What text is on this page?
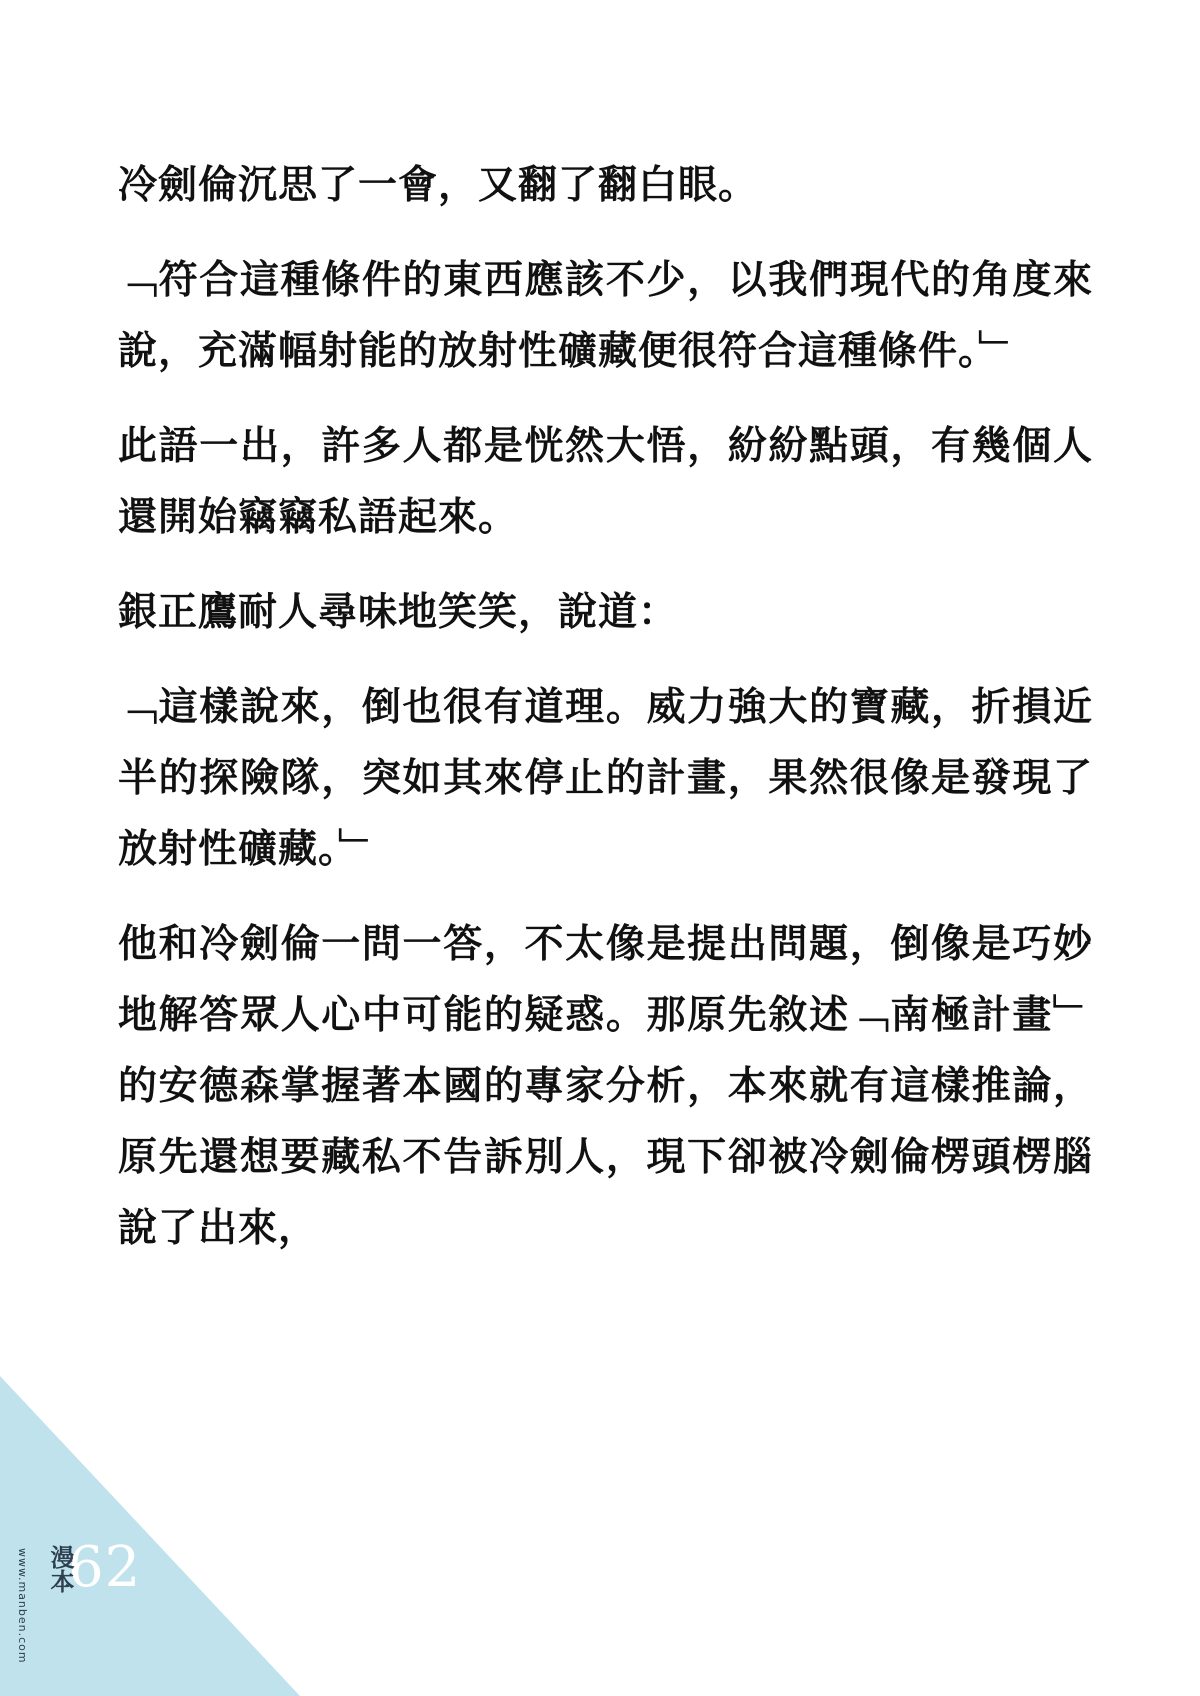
冷劍倫沉思了一會，又翻了翻白眼。

﹁符合這種條件的東西應該不少，以我們現代的角度來說，充滿幅射能的放射性礦藏便很符合這種條件。﹂

此語一出，許多人都是恍然大悟，紛紛點頭，有幾個人還開始竊竊私語起來。

銀正鷹耐人尋味地笑笑，說道：

﹁這樣說來，倒也很有道理。威力強大的寶藏，折損近半的探險隊，突如其來停止的計畫，果然很像是發現了放射性礦藏。﹂

他和冷劍倫一問一答，不太像是提出問題，倒像是巧妙地解答眾人心中可能的疑惑。那原先敘述﹁南極計畫﹂的安德森掌握著本國的專家分析，本來就有這樣推論，原先還想要藏私不告訴別人，現下卻被冷劍倫楞頭楞腦說了出來，

62
www.manben.com 漫本
